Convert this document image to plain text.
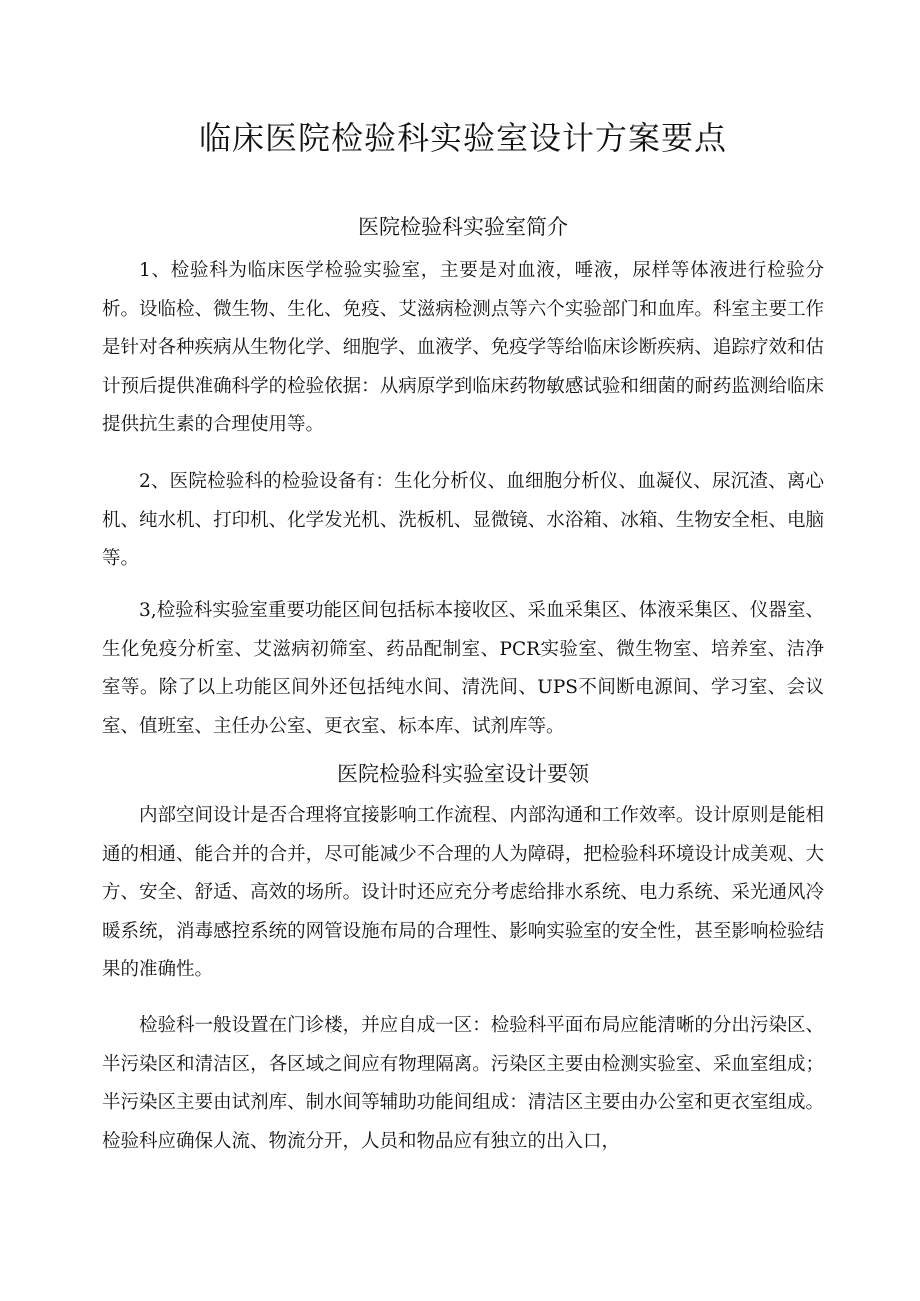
临床医院检验科实验室设计方案要点
医院检验科实验室简介

1、检验科为临床医学检验实验室，主要是对血液，唾液，尿样等体液进行检验分析。设临检、微生物、生化、免疫、艾滋病检测点等六个实验部门和血库。科室主要工作是针对各种疾病从生物化学、细胞学、血液学、免疫学等给临床诊断疾病、追踪疗效和估计预后提供准确科学的检验依据：从病原学到临床药物敏感试验和细菌的耐药监测给临床提供抗生素的合理使用等。

2、医院检验科的检验设备有：生化分析仪、血细胞分析仪、血凝仪、尿沉渣、离心机、纯水机、打印机、化学发光机、洗板机、显微镜、水浴箱、冰箱、生物安全柜、电脑等。

3,检验科实验室重要功能区间包括标本接收区、采血采集区、体液采集区、仪器室、生化免疫分析室、艾滋病初筛室、药品配制室、PCR实验室、微生物室、培养室、洁净室等。除了以上功能区间外还包括纯水间、清洗间、UPS不间断电源间、学习室、会议室、值班室、主任办公室、更衣室、标本库、试剂库等。

医院检验科实验室设计要领

内部空间设计是否合理将宜接影响工作流程、内部沟通和工作效率。设计原则是能相通的相通、能合并的合并，尽可能减少不合理的人为障碍，把检验科环境设计成美观、大方、安全、舒适、高效的场所。设计时还应充分考虑给排水系统、电力系统、采光通风冷暖系统，消毒感控系统的网管设施布局的合理性、影响实验室的安全性，甚至影响检验结果的准确性。

检验科一般设置在门诊楼，并应自成一区：检验科平面布局应能清晰的分出污染区、半污染区和清洁区，各区域之间应有物理隔离。污染区主要由检测实验室、采血室组成；半污染区主要由试剂库、制水间等辅助功能间组成：清洁区主要由办公室和更衣室组成。检验科应确保人流、物流分开，人员和物品应有独立的出入口，
